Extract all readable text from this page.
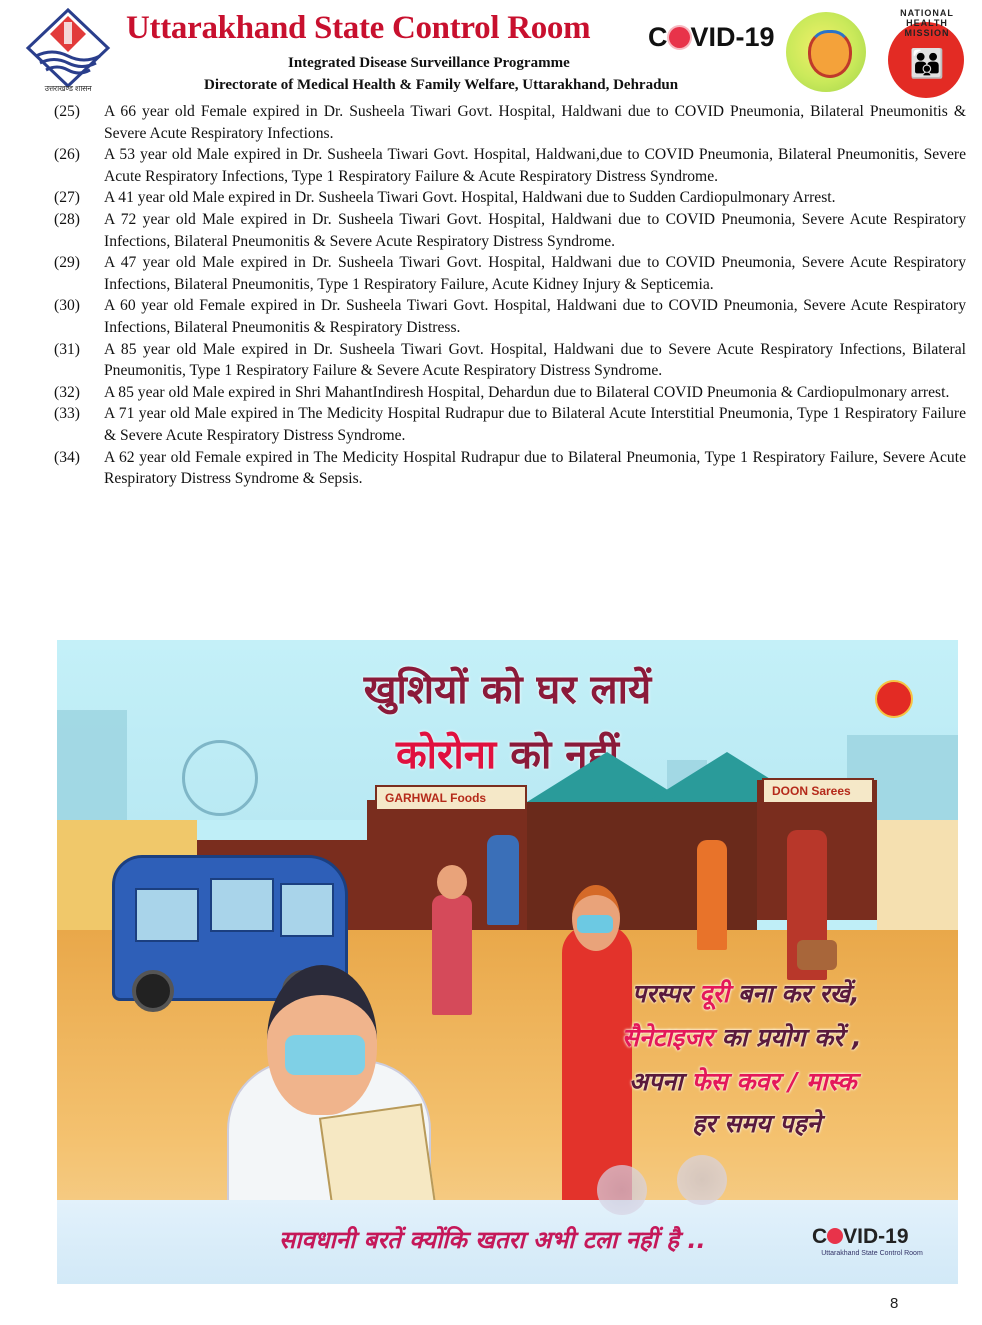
उत्तराखण्ड शासन
Uttarakhand State Control Room C VID-19
Integrated Disease Surveillance Programme
Directorate of Medical Health & Family Welfare, Uttarakhand, Dehradun
NATIONAL HEALTH MISSION
👪
(25)	A 66 year old Female expired in Dr. Susheela Tiwari Govt. Hospital, Haldwani due to COVID Pneumonia, Bilateral Pneumonitis & Severe Acute Respiratory Infections.
(26)	A 53 year old Male expired in Dr. Susheela Tiwari Govt. Hospital, Haldwani,due to COVID Pneumonia, Bilateral Pneumonitis, Severe Acute Respiratory Infections, Type 1 Respiratory Failure & Acute Respiratory Distress Syndrome.
(27)	A 41 year old Male expired in Dr. Susheela Tiwari Govt. Hospital, Haldwani due to Sudden Cardiopulmonary Arrest.
(28)	A 72 year old Male expired in Dr. Susheela Tiwari Govt. Hospital, Haldwani due to COVID Pneumonia, Severe Acute Respiratory Infections, Bilateral Pneumonitis & Severe Acute Respiratory Distress Syndrome.
(29)	A 47 year old Male expired in Dr. Susheela Tiwari Govt. Hospital, Haldwani due to COVID Pneumonia, Severe Acute Respiratory Infections, Bilateral Pneumonitis, Type 1 Respiratory Failure, Acute Kidney Injury & Septicemia.
(30)	A 60 year old Female expired in Dr. Susheela Tiwari Govt. Hospital, Haldwani due to COVID Pneumonia, Severe Acute Respiratory Infections, Bilateral Pneumonitis & Respiratory Distress.
(31)	A 85 year old Male expired in Dr. Susheela Tiwari Govt. Hospital, Haldwani due to Severe Acute Respiratory Infections, Bilateral Pneumonitis, Type 1 Respiratory Failure & Severe Acute Respiratory Distress Syndrome.
(32)	A 85 year old Male expired in Shri MahantIndiresh Hospital, Dehardun due to Bilateral COVID Pneumonia & Cardiopulmonary arrest.
(33)	A 71 year old Male expired in The Medicity Hospital Rudrapur due to Bilateral Acute Interstitial Pneumonia, Type 1 Respiratory Failure & Severe Acute Respiratory Distress Syndrome.
(34)	A 62 year old Female expired in The Medicity Hospital Rudrapur due to Bilateral Pneumonia, Type 1 Respiratory Failure, Severe Acute Respiratory Distress Syndrome & Sepsis.
खुशियों को घर लायें
कोरोना को नहीं
GARHWAL Foods	DOON Sarees
परस्पर दूरी बना कर रखें,
सैनेटाइजर का प्रयोग करें ,
अपना फेस कवर / मास्क
हर समय पहने
सावधानी बरतें क्योंकि खतरा अभी टला नहीं है ..	C VID-19
Uttarakhand State Control Room
8
